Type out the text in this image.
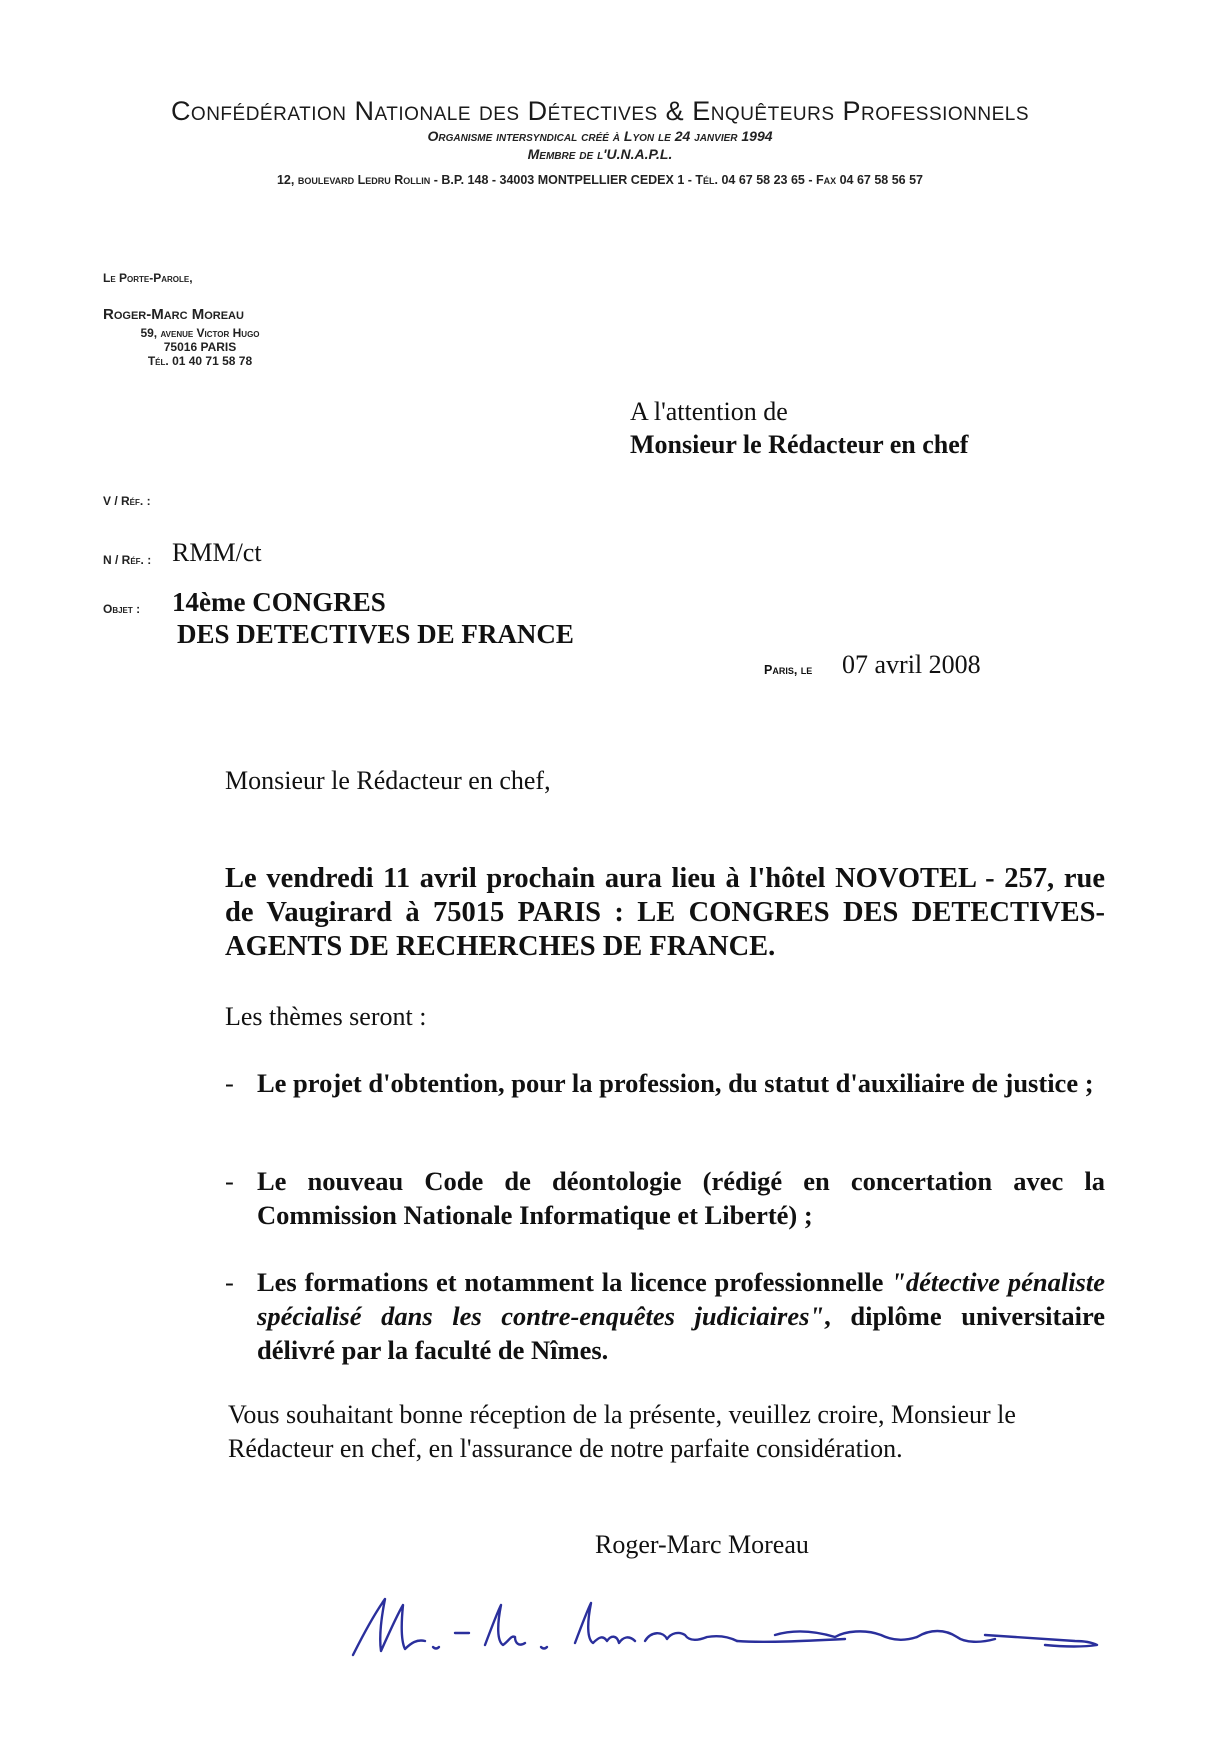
Confédération Nationale des Détectives & Enquêteurs Professionnels
Organisme intersyndical créé à Lyon le 24 janvier 1994
Membre de l'U.N.A.P.L.
12, boulevard Ledru Rollin - B.P. 148 - 34003 MONTPELLIER CEDEX 1 - Tél. 04 67 58 23 65 - Fax 04 67 58 56 57
Le Porte-Parole,
Roger-Marc Moreau
59, avenue Victor Hugo
75016 PARIS
Tél. 01 40 71 58 78
A l'attention de
Monsieur le Rédacteur en chef
V / Réf. :
N / Réf. : RMM/ct
Objet : 14ème CONGRES
DES DETECTIVES DE FRANCE
Paris, le 07 avril 2008
Monsieur le Rédacteur en chef,
Le vendredi 11 avril prochain aura lieu à l'hôtel NOVOTEL - 257, rue de Vaugirard à 75015 PARIS : LE CONGRES DES DETECTIVES-AGENTS DE RECHERCHES DE FRANCE.
Les thèmes seront :
- Le projet d'obtention, pour la profession, du statut d'auxiliaire de justice ;
- Le nouveau Code de déontologie (rédigé en concertation avec la Commission Nationale Informatique et Liberté) ;
- Les formations et notamment la licence professionnelle "détective pénaliste spécialisé dans les contre-enquêtes judiciaires", diplôme universitaire délivré par la faculté de Nîmes.
Vous souhaitant bonne réception de la présente, veuillez croire, Monsieur le Rédacteur en chef, en l'assurance de notre parfaite considération.
Roger-Marc Moreau
